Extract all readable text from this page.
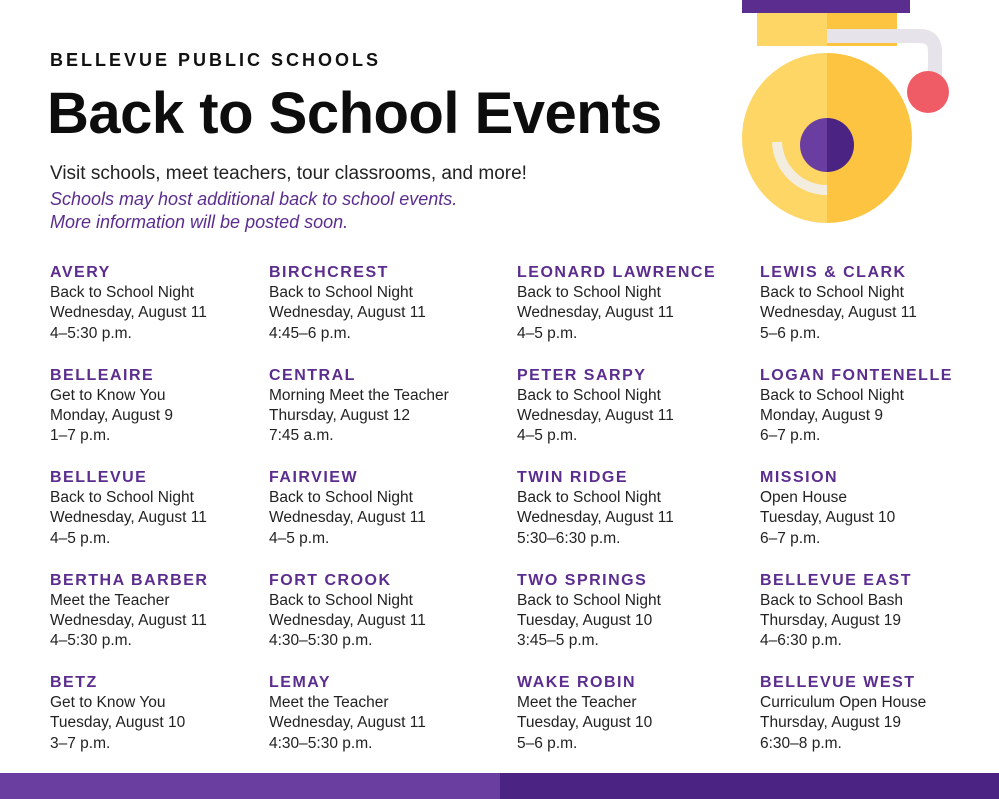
BELLEVUE PUBLIC SCHOOLS
Back to School Events
Visit schools, meet teachers, tour classrooms, and more!
Schools may host additional back to school events.
More information will be posted soon.
AVERY
Back to School Night
Wednesday, August 11
4–5:30 p.m.
BELLEAIRE
Get to Know You
Monday, August 9
1–7 p.m.
BELLEVUE
Back to School Night
Wednesday, August 11
4–5 p.m.
BERTHA BARBER
Meet the Teacher
Wednesday, August 11
4–5:30 p.m.
BETZ
Get to Know You
Tuesday, August 10
3–7 p.m.
BIRCHCREST
Back to School Night
Wednesday, August 11
4:45–6 p.m.
CENTRAL
Morning Meet the Teacher
Thursday, August 12
7:45 a.m.
FAIRVIEW
Back to School Night
Wednesday, August 11
4–5 p.m.
FORT CROOK
Back to School Night
Wednesday, August 11
4:30–5:30 p.m.
LEMAY
Meet the Teacher
Wednesday, August 11
4:30–5:30 p.m.
LEONARD LAWRENCE
Back to School Night
Wednesday, August 11
4–5 p.m.
PETER SARPY
Back to School Night
Wednesday, August 11
4–5 p.m.
TWIN RIDGE
Back to School Night
Wednesday, August 11
5:30–6:30 p.m.
TWO SPRINGS
Back to School Night
Tuesday, August 10
3:45–5 p.m.
WAKE ROBIN
Meet the Teacher
Tuesday, August 10
5–6 p.m.
LEWIS & CLARK
Back to School Night
Wednesday, August 11
5–6 p.m.
LOGAN FONTENELLE
Back to School Night
Monday, August 9
6–7 p.m.
MISSION
Open House
Tuesday, August 10
6–7 p.m.
BELLEVUE EAST
Back to School Bash
Thursday, August 19
4–6:30 p.m.
BELLEVUE WEST
Curriculum Open House
Thursday, August 19
6:30–8 p.m.
